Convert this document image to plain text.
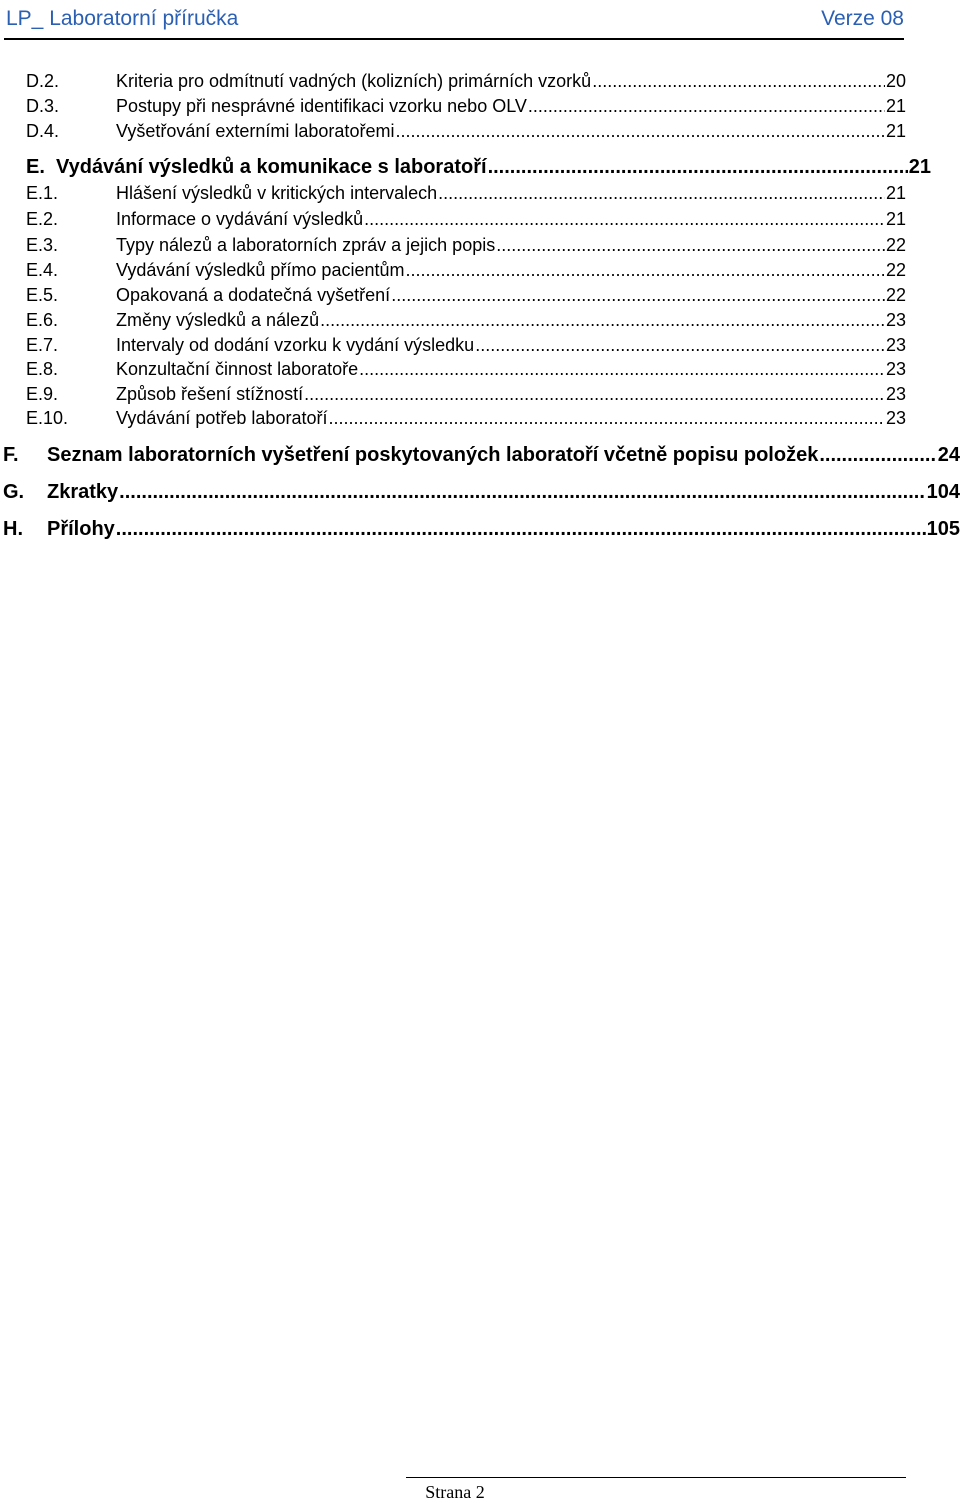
LP_ Laboratorní příručka	Verze 08
D.2.	Kriteria pro odmítnutí vadných (kolizních) primárních vzorků .....	20
D.3.	Postupy při nesprávné identifikaci vzorku nebo OLV .....	21
D.4.	Vyšetřování externími laboratořemi .....	21
E. Vydávání výsledků a komunikace s laboratoří .....	21
E.1.	Hlášení výsledků v kritických intervalech .....	21
E.2.	Informace o vydávání výsledků .....	21
E.3.	Typy nálezů a laboratorních zpráv a jejich popis .....	22
E.4.	Vydávání výsledků přímo pacientům .....	22
E.5.	Opakovaná a dodatečná vyšetření .....	22
E.6.	Změny výsledků a nálezů .....	23
E.7.	Intervaly od dodání vzorku k vydání výsledku .....	23
E.8.	Konzultační činnost laboratoře .....	23
E.9.	Způsob řešení stížností .....	23
E.10.	Vydávání potřeb laboratoří .....	23
F.	Seznam laboratorních vyšetření poskytovaných laboratoří včetně popisu položek .....	24
G.	Zkratky .....	104
H.	Přílohy .....	105
Strana 2
